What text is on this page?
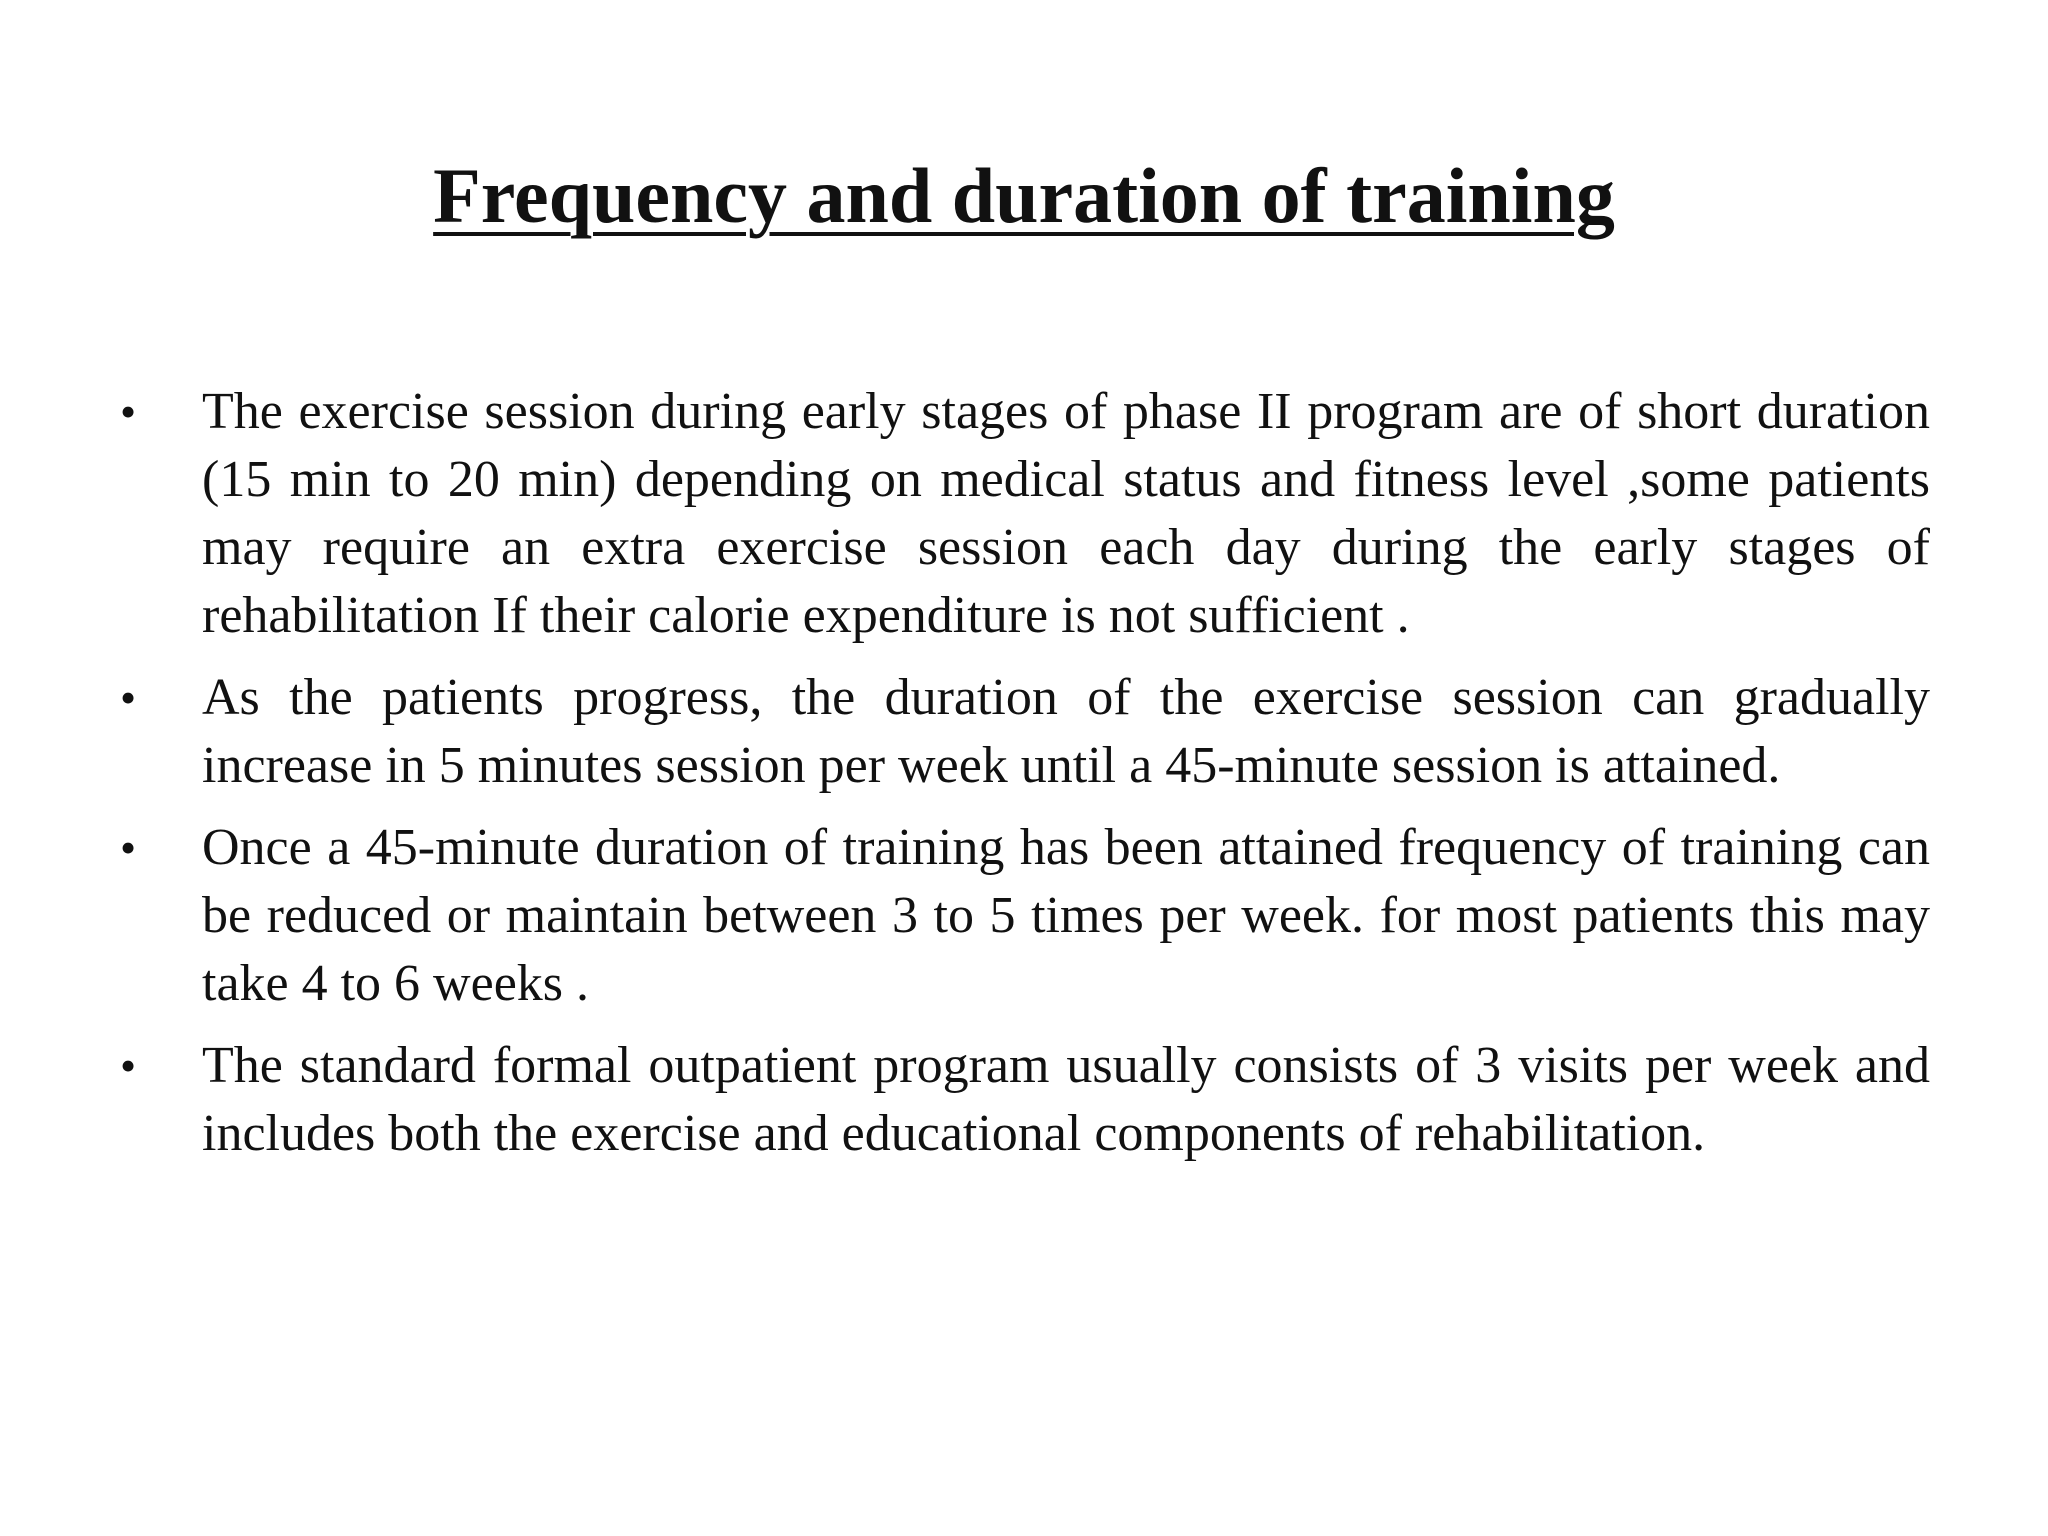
Frequency and duration of training
• The exercise session during early stages of phase II program are of short duration (15 min to 20 min) depending on medical status and fitness level ,some patients may require an extra exercise session each day during the early stages of rehabilitation If their calorie expenditure is not sufficient .
• As the patients progress, the duration of the exercise session can gradually increase in 5 minutes session per week until a 45-minute session is attained.
• Once a 45-minute duration of training has been attained frequency of training can be reduced or maintain between 3 to 5 times per week. for most patients this may take 4 to 6 weeks .
• The standard formal outpatient program usually consists of 3 visits per week and includes both the exercise and educational components of rehabilitation.
